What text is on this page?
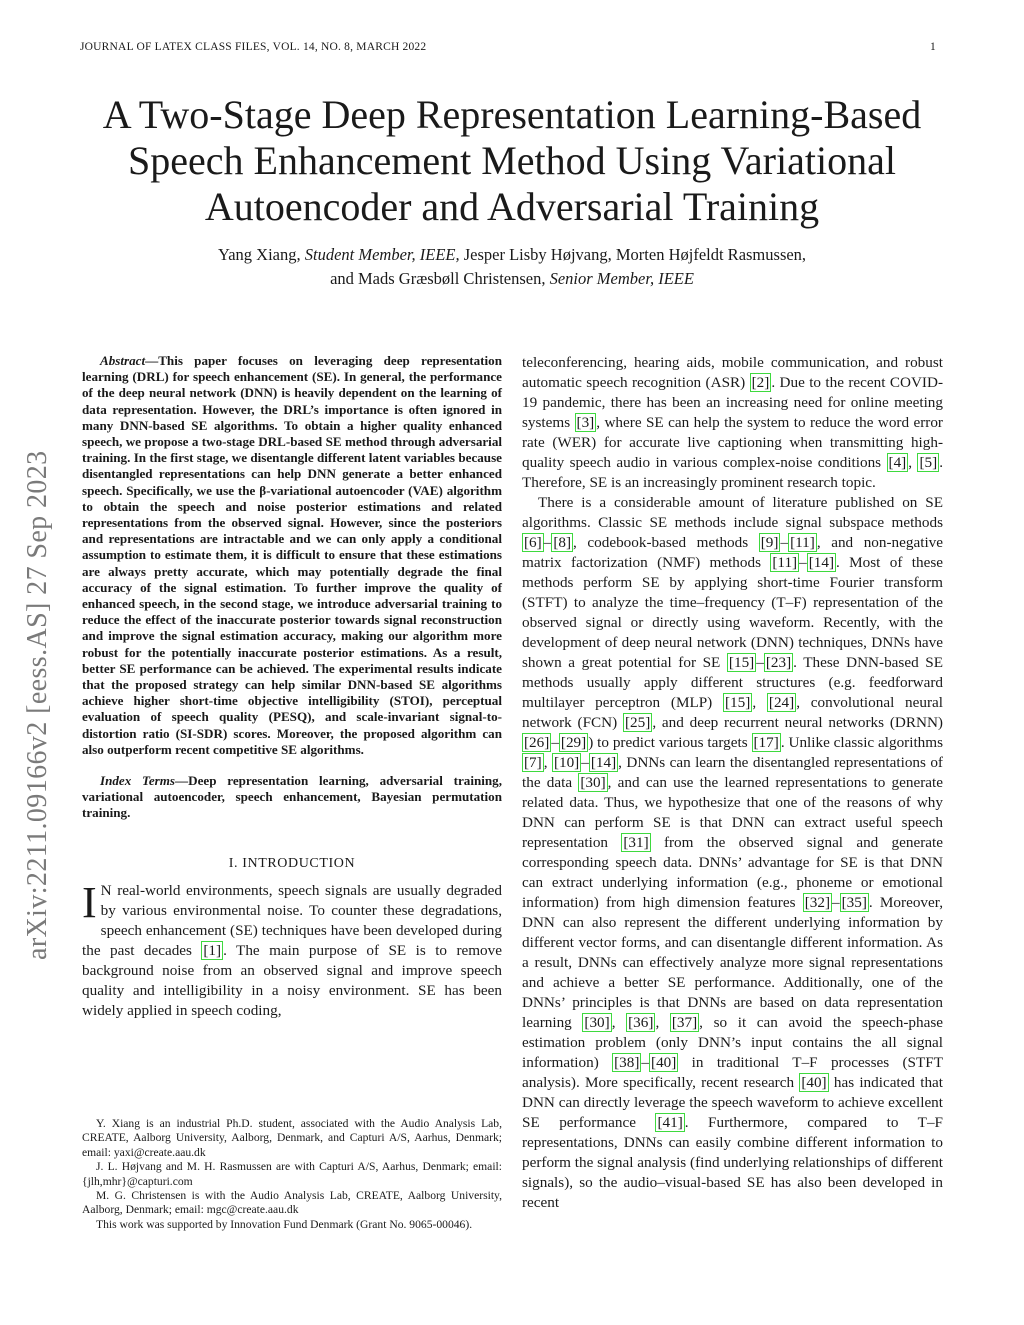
JOURNAL OF LATEX CLASS FILES, VOL. 14, NO. 8, MARCH 2022	1
A Two-Stage Deep Representation Learning-Based Speech Enhancement Method Using Variational Autoencoder and Adversarial Training
Yang Xiang, Student Member, IEEE, Jesper Lisby Højvang, Morten Højfeldt Rasmussen,
and Mads Græsbøll Christensen, Senior Member, IEEE
arXiv:2211.09166v2 [eess.AS] 27 Sep 2023

Abstract—This paper focuses on leveraging deep representation learning (DRL) for speech enhancement (SE). In general, the performance of the deep neural network (DNN) is heavily dependent on the learning of data representation. However, the DRL’s importance is often ignored in many DNN-based SE algorithms. To obtain a higher quality enhanced speech, we propose a two-stage DRL-based SE method through adversarial training. In the first stage, we disentangle different latent variables because disentangled representations can help DNN generate a better enhanced speech. Specifically, we use the β-variational autoencoder (VAE) algorithm to obtain the speech and noise posterior estimations and related representations from the observed signal. However, since the posteriors and representations are intractable and we can only apply a conditional assumption to estimate them, it is difficult to ensure that these estimations are always pretty accurate, which may potentially degrade the final accuracy of the signal estimation. To further improve the quality of enhanced speech, in the second stage, we introduce adversarial training to reduce the effect of the inaccurate posterior towards signal reconstruction and improve the signal estimation accuracy, making our algorithm more robust for the potentially inaccurate posterior estimations. As a result, better SE performance can be achieved. The experimental results indicate that the proposed strategy can help similar DNN-based SE algorithms achieve higher short-time objective intelligibility (STOI), perceptual evaluation of speech quality (PESQ), and scale-invariant signal-to-distortion ratio (SI-SDR) scores. Moreover, the proposed algorithm can also outperform recent competitive SE algorithms.

Index Terms—Deep representation learning, adversarial training, variational autoencoder, speech enhancement, Bayesian permutation training.

I. INTRODUCTION

I N real-world environments, speech signals are usually degraded by various environmental noise. To counter these degradations, speech enhancement (SE) techniques have been developed during the past decades [1] . The main purpose of SE is to remove background noise from an observed signal and improve speech quality and intelligibility in a noisy environment. SE has been widely applied in speech coding,

Y. Xiang is an industrial Ph.D. student, associated with the Audio Analysis Lab, CREATE, Aalborg University, Aalborg, Denmark, and Capturi A/S, Aarhus, Denmark; email: yaxi@create.aau.dk

J. L. Højvang and M. H. Rasmussen are with Capturi A/S, Aarhus, Denmark; email: {jlh,mhr}@capturi.com

M. G. Christensen is with the Audio Analysis Lab, CREATE, Aalborg University, Aalborg, Denmark; email: mgc@create.aau.dk

This work was supported by Innovation Fund Denmark (Grant No. 9065-00046).

teleconferencing, hearing aids, mobile communication, and robust automatic speech recognition (ASR) [2] . Due to the recent COVID-19 pandemic, there has been an increasing need for online meeting systems [3] , where SE can help the system to reduce the word error rate (WER) for accurate live captioning when transmitting high-quality speech audio in various complex-noise conditions [4] , [5] . Therefore, SE is an increasingly prominent research topic.

There is a considerable amount of literature published on SE algorithms. Classic SE methods include signal subspace methods [6] – [8] , codebook-based methods [9] – [11] , and non-negative matrix factorization (NMF) methods [11] – [14] . Most of these methods perform SE by applying short-time Fourier transform (STFT) to analyze the time–frequency (T–F) representation of the observed signal or directly using waveform. Recently, with the development of deep neural network (DNN) techniques, DNNs have shown a great potential for SE [15] – [23] . These DNN-based SE methods usually apply different structures (e.g. feedforward multilayer perceptron (MLP) [15] , [24] , convolutional neural network (FCN) [25] , and deep recurrent neural networks (DRNN) [26] – [29] ) to predict various targets [17] . Unlike classic algorithms [7] , [10] – [14] , DNNs can learn the disentangled representations of the data [30] , and can use the learned representations to generate related data. Thus, we hypothesize that one of the reasons of why DNN can perform SE is that DNN can extract useful speech representation [31] from the observed signal and generate corresponding speech data. DNNs’ advantage for SE is that DNN can extract underlying information (e.g., phoneme or emotional information) from high dimension features [32] – [35] . Moreover, DNN can also represent the different underlying information by different vector forms, and can disentangle different information. As a result, DNNs can effectively analyze more signal representations and achieve a better SE performance. Additionally, one of the DNNs’ principles is that DNNs are based on data representation learning [30] , [36] , [37] , so it can avoid the speech-phase estimation problem (only DNN’s input contains the all signal information) [38] – [40] in traditional T–F processes (STFT analysis). More specifically, recent research [40] has indicated that DNN can directly leverage the speech waveform to achieve excellent SE performance [41] . Furthermore, compared to T–F representations, DNNs can easily combine different information to perform the signal analysis (find underlying relationships of different signals), so the audio–visual-based SE has also been developed in recent
